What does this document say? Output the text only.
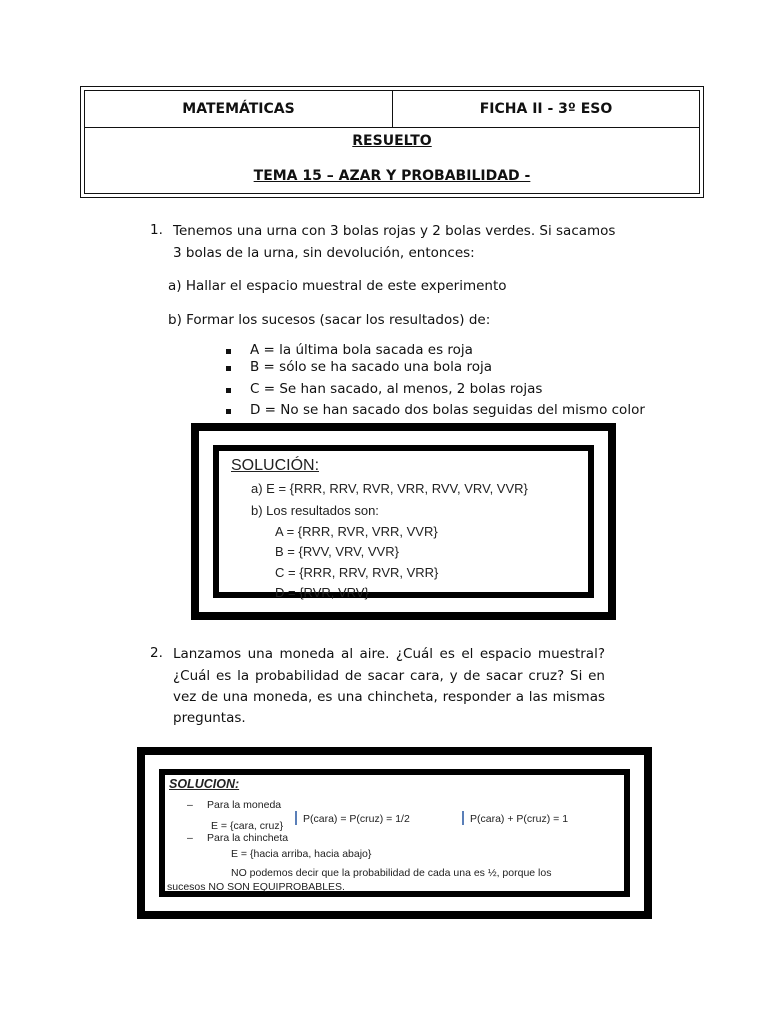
MATEMÁTICAS	FICHA II - 3º ESO
RESUELTO
TEMA 15 – AZAR Y PROBABILIDAD -
1. Tenemos una urna con 3 bolas rojas y 2 bolas verdes. Si sacamos
3 bolas de la urna, sin devolución, entonces:
a) Hallar el espacio muestral de este experimento
b) Formar los sucesos (sacar los resultados) de:
A = la última bola sacada es roja
B = sólo se ha sacado una bola roja
C = Se han sacado, al menos, 2 bolas rojas
D = No se han sacado dos bolas seguidas del mismo color
SOLUCIÓN:
a) E = {RRR, RRV, RVR, VRR, RVV, VRV, VVR}
b) Los resultados son:
A = {RRR, RVR, VRR, VVR}
B = {RVV, VRV, VVR}
C = {RRR, RRV, RVR, VRR}
D = {RVR, VRV}
2. Lanzamos una moneda al aire. ¿Cuál es el espacio muestral?
¿Cuál es la probabilidad de sacar cara, y de sacar cruz? Si en
vez de una moneda, es una chincheta, responder a las mismas
preguntas.
SOLUCION:
– Para la moneda
E = {cara, cruz}
P(cara) = P(cruz) = 1/2	P(cara) + P(cruz) = 1
– Para la chincheta
E = {hacia arriba, hacia abajo}
NO podemos decir que la probabilidad de cada una es ½, porque los
sucesos NO SON EQUIPROBABLES.
